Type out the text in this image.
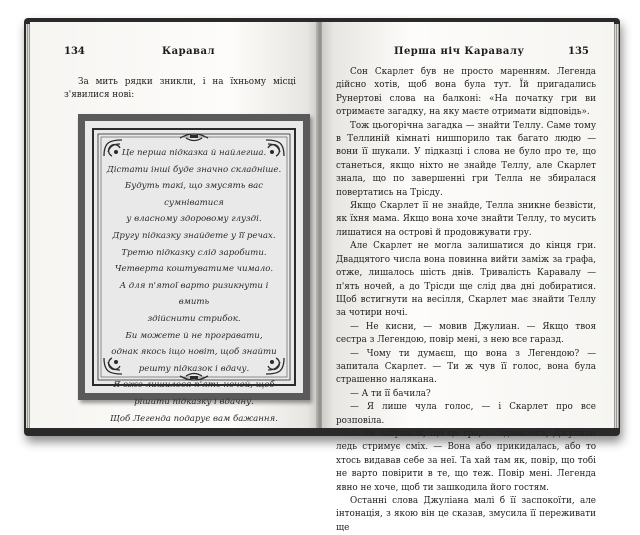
134	Каравал
За мить рядки зникли, і на їхньому місці з'явилися нові:
Це перша підказка й найлегша.
Дістати інші буде значно складніше.
Будуть такі, що змусять вас сумніватися
у власному здоровому глузді.
Другу підказку знайдете у її речах.
Третю підказку слід заробити.
Четверта коштуватиме чимало.
А для п'ятої варто ризикнути і вмить
здійснити стрибок.
Би можете й не програвати,
однак якось іщо новіт, щоб знайти
решту підказок і вдачу.
Я вже лишилося п'ять ночей, щоб
рішити підказку і вдачну.
Щоб Легенда подарує вам бажання.
Перша ніч Каравалу	135

Сон Скарлет був не просто маренням. Легенда дійсно хотів, щоб вона була тут. Їй пригадались Рунертові слова на балконі: «На початку гри ви отримаєте загадку, на яку маєте отримати відповідь».

Тож цьогорічна загадка — знайти Теллу. Саме тому в Теллиній кімнаті нишпорило так багато людю — вони її шукали. У підказці і слова не було про те, що станеться, якщо ніхто не знайде Теллу, але Скарлет знала, що по завершенні гри Телла не збиралася повертатись на Трісду.

Якщо Скарлет її не знайде, Телла зникне безвісти, як їхня мама. Якщо вона хоче знайти Теллу, то мусить лишатися на острові й продовжувати гру.

Але Скарлет не могла залишатися до кінця гри. Двадцятого числа вона повинна вийти заміж за графа, отже, лишалось шість днів. Тривалість Каравалу — п'ять ночей, а до Трісди ще слід два дні добиратися. Щоб встигнути на весілля, Скарлет має знайти Теллу за чотири ночі.

— Не кисни, — мовив Джулиан. — Якщо твоя сестра з Легендою, повір мені, з нею все гаразд.

— Чому ти думаєш, що вона з Легендою? — запитала Скарлет. — Ти ж чув її голос, вона була страшенно налякана.

— А ти її бачила?

— Я лише чула голос, — і Скарлет про все розповіла.

— Ти забуваєш, що це гра, — здавалося, Джулиан ледь стримує сміх. — Вона або прикидалась, або то хтось видавав себе за неї. Та хай там як, повір, що тобі не варто повірити в те, що теж. Повір мені. Легенда явно не хоче, щоб ти зашкодила його гостям.

Останні слова Джуліана малі б її заспокоїти, але інтонація, з якою він це сказав, змусила її переживати ще
